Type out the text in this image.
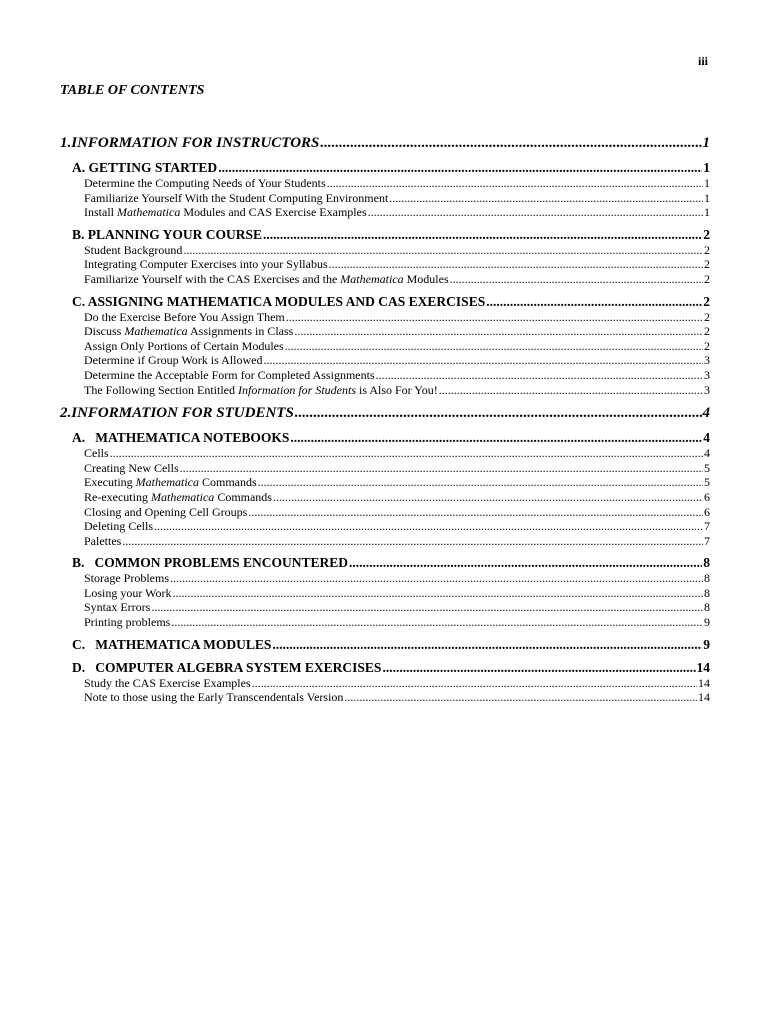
iii
TABLE OF CONTENTS
1. INFORMATION FOR INSTRUCTORS .....	1
A. GETTING STARTED .....	1
Determine the Computing Needs of Your Students .....	1
Familiarize Yourself With the Student Computing Environment .....	1
Install Mathematica Modules and CAS Exercise Examples .....	1
B. PLANNING YOUR COURSE .....	2
Student Background .....	2
Integrating Computer Exercises into your Syllabus .....	2
Familiarize Yourself with the CAS Exercises and the Mathematica Modules .....	2
C. ASSIGNING MATHEMATICA MODULES AND CAS EXERCISES .....	2
Do the Exercise Before You Assign Them .....	2
Discuss Mathematica Assignments in Class .....	2
Assign Only Portions of Certain Modules .....	2
Determine if Group Work is Allowed .....	3
Determine the Acceptable Form for Completed Assignments .....	3
The Following Section Entitled Information for Students is Also For You! .....	3
2. INFORMATION FOR STUDENTS .....	4
A.   MATHEMATICA NOTEBOOKS .....	4
Cells .....	4
Creating New Cells .....	5
Executing Mathematica Commands .....	5
Re-executing Mathematica Commands .....	6
Closing and Opening Cell Groups .....	6
Deleting Cells .....	7
Palettes .....	7
B.   COMMON PROBLEMS ENCOUNTERED .....	8
Storage Problems .....	8
Losing your Work .....	8
Syntax Errors .....	8
Printing problems .....	9
C.   MATHEMATICA MODULES .....	9
D.   COMPUTER ALGEBRA SYSTEM EXERCISES .....	14
Study the CAS Exercise Examples .....	14
Note to those using the Early Transcendentals Version .....	14
